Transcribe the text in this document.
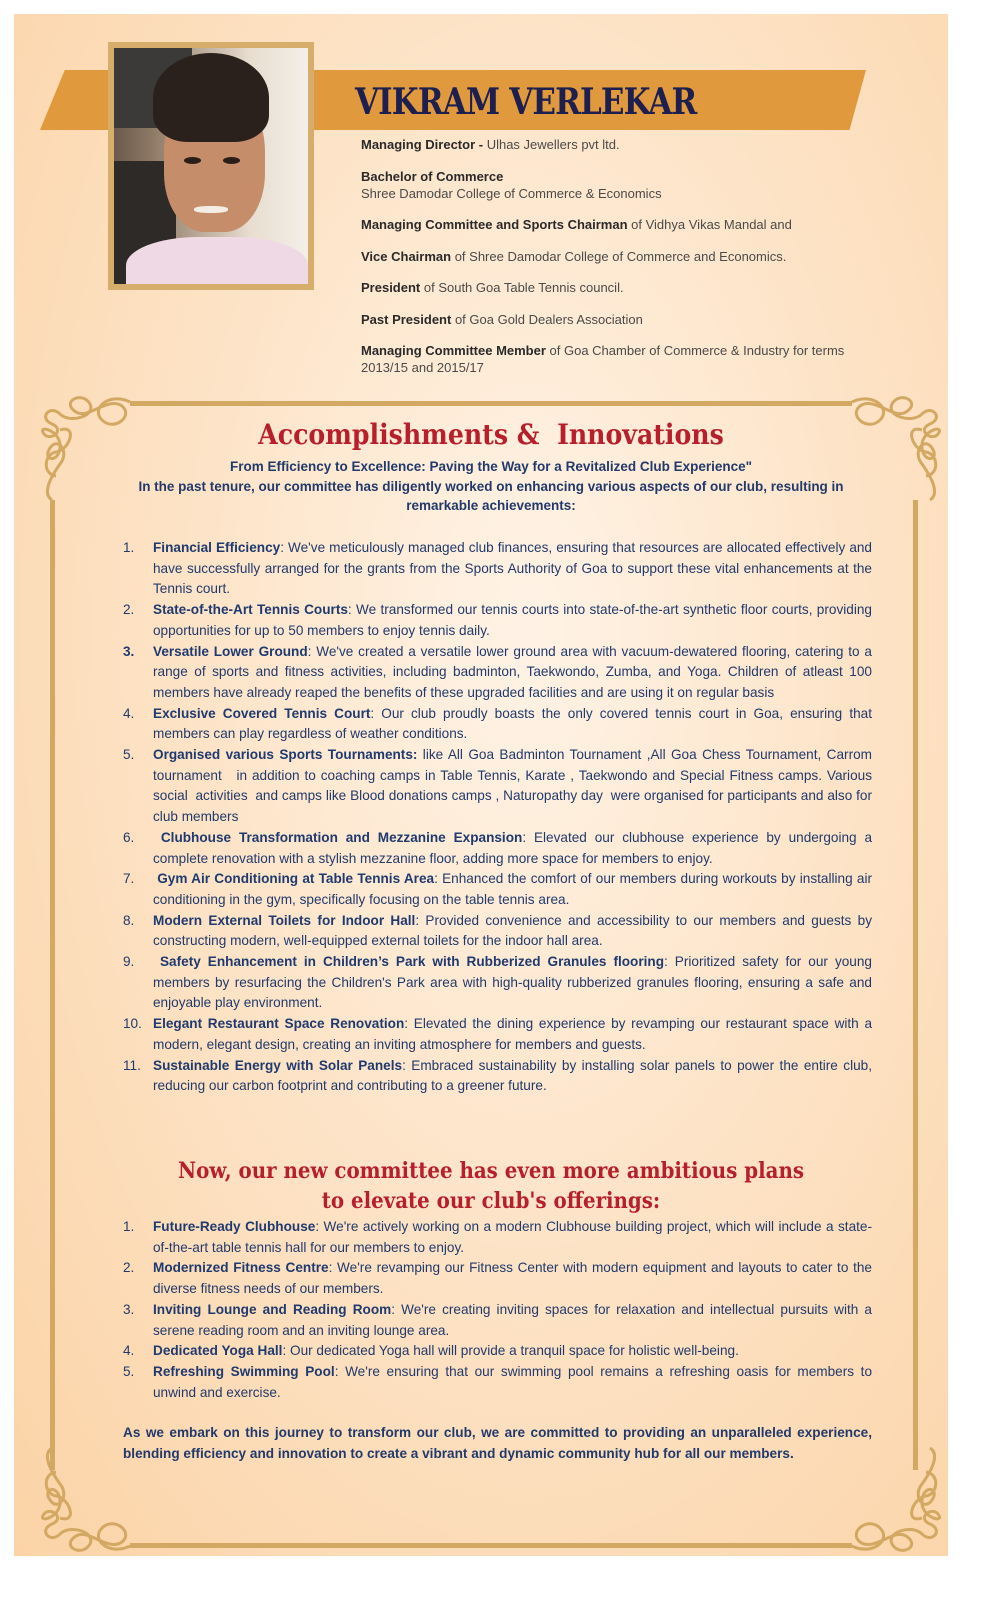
VIKRAM VERLEKAR

Managing Director - Ulhas Jewellers pvt ltd.

Bachelor of Commerce
Shree Damodar College of Commerce & Economics

Managing Committee and Sports Chairman of Vidhya Vikas Mandal and

Vice Chairman of Shree Damodar College of Commerce and Economics.

President of South Goa Table Tennis council.

Past President of Goa Gold Dealers Association

Managing Committee Member of Goa Chamber of Commerce & Industry for terms 2013/15 and 2015/17

Accomplishments &  Innovations
From Efficiency to Excellence: Paving the Way for a Revitalized Club Experience"
In the past tenure, our committee has diligently worked on enhancing various aspects of our club, resulting in remarkable achievements:
1. Financial Efficiency: We've meticulously managed club finances, ensuring that resources are allocated effectively and have successfully arranged for the grants from the Sports Authority of Goa to support these vital enhancements at the Tennis court.
2. State-of-the-Art Tennis Courts: We transformed our tennis courts into state-of-the-art synthetic floor courts, providing opportunities for up to 50 members to enjoy tennis daily.
3. Versatile Lower Ground: We've created a versatile lower ground area with vacuum-dewatered flooring, catering to a range of sports and fitness activities, including badminton, Taekwondo, Zumba, and Yoga. Children of atleast 100 members have already reaped the benefits of these upgraded facilities and are using it on regular basis
4. Exclusive Covered Tennis Court: Our club proudly boasts the only covered tennis court in Goa, ensuring that members can play regardless of weather conditions.
5. Organised various Sports Tournaments: like All Goa Badminton Tournament ,All Goa Chess Tournament, Carrom tournament   in addition to coaching camps in Table Tennis, Karate , Taekwondo and Special Fitness camps. Various social  activities  and camps like Blood donations camps , Naturopathy day  were organised for participants and also for club members
6. Clubhouse Transformation and Mezzanine Expansion: Elevated our clubhouse experience by undergoing a complete renovation with a stylish mezzanine floor, adding more space for members to enjoy.
7. Gym Air Conditioning at Table Tennis Area: Enhanced the comfort of our members during workouts by installing air conditioning in the gym, specifically focusing on the table tennis area.
8. Modern External Toilets for Indoor Hall: Provided convenience and accessibility to our members and guests by constructing modern, well-equipped external toilets for the indoor hall area.
9. Safety Enhancement in Children’s Park with Rubberized Granules flooring: Prioritized safety for our young members by resurfacing the Children's Park area with high-quality rubberized granules flooring, ensuring a safe and enjoyable play environment.
10. Elegant Restaurant Space Renovation: Elevated the dining experience by revamping our restaurant space with a modern, elegant design, creating an inviting atmosphere for members and guests.
11. Sustainable Energy with Solar Panels: Embraced sustainability by installing solar panels to power the entire club, reducing our carbon footprint and contributing to a greener future.
Now, our new committee has even more ambitious plans
to elevate our club's offerings:
1. Future-Ready Clubhouse: We're actively working on a modern Clubhouse building project, which will include a state-of-the-art table tennis hall for our members to enjoy.
2. Modernized Fitness Centre: We're revamping our Fitness Center with modern equipment and layouts to cater to the diverse fitness needs of our members.
3. Inviting Lounge and Reading Room: We're creating inviting spaces for relaxation and intellectual pursuits with a serene reading room and an inviting lounge area.
4. Dedicated Yoga Hall: Our dedicated Yoga hall will provide a tranquil space for holistic well-being.
5. Refreshing Swimming Pool: We're ensuring that our swimming pool remains a refreshing oasis for members to unwind and exercise.
As we embark on this journey to transform our club, we are committed to providing an unparalleled experience, blending efficiency and innovation to create a vibrant and dynamic community hub for all our members.
